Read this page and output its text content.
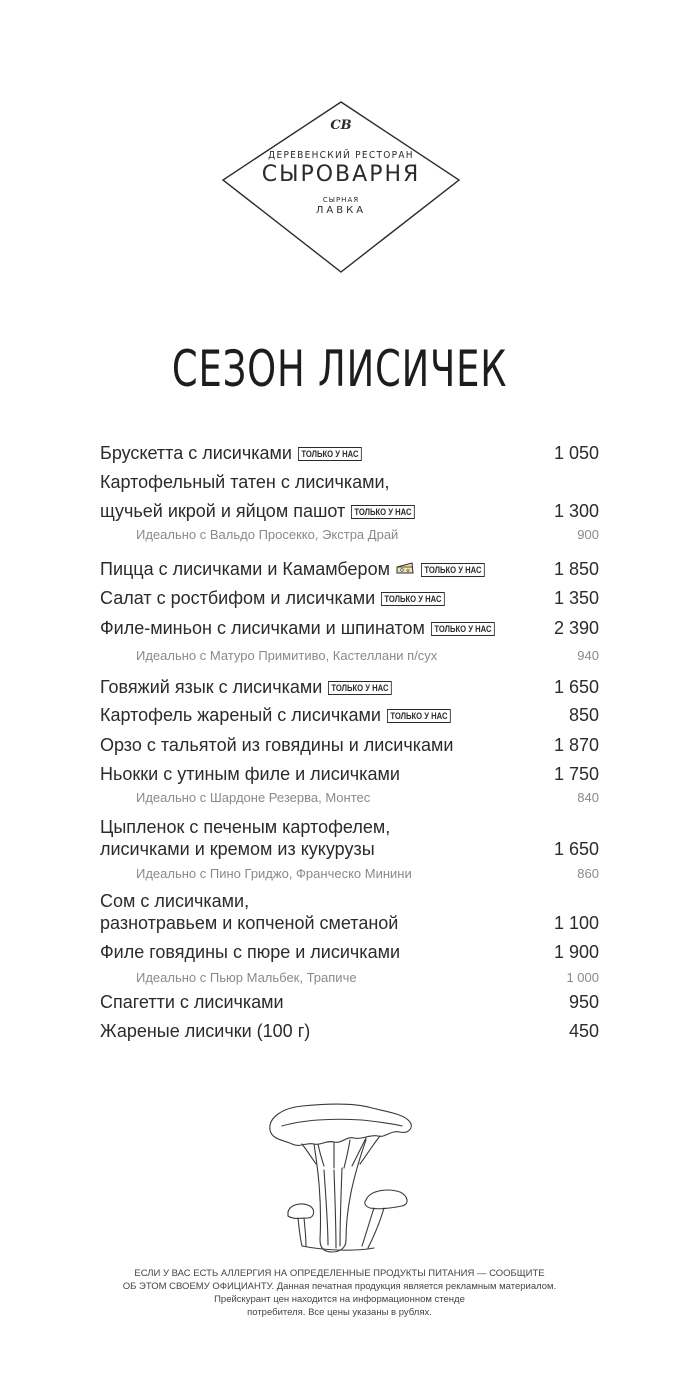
СВ
ДЕРЕВЕНСКИЙ РЕСТОРАН
СЫРОВАРНЯ
СЫРНАЯ
ЛАВКА
СЕЗОН ЛИСИЧЕК
Брускетта с лисичками ТОЛЬКО У НАС	1 050
Картофельный татен с лисичками,
щучьей икрой и яйцом пашот ТОЛЬКО У НАС	1 300
Идеально с Вальдо Просекко, Экстра Драй	900
Пицца с лисичками и Камамбером	ТОЛЬКО У НАС	1 850
Салат с ростбифом и лисичками ТОЛЬКО У НАС	1 350
Филе-миньон с лисичками и шпинатом ТОЛЬКО У НАС	2 390
Идеально с Матуро Примитиво, Кастеллани п/сух	940
Говяжий язык с лисичками ТОЛЬКО У НАС	1 650
Картофель жареный с лисичками ТОЛЬКО У НАС	850
Орзо с тальятой из говядины и лисичками	1 870
Ньокки с утиным филе и лисичками	1 750
Идеально с Шардоне Резерва, Монтес	840
Цыпленок с печеным картофелем,
лисичками и кремом из кукурузы	1 650
Идеально с Пино Гриджо, Франческо Минини	860
Сом с лисичками,
разнотравьем и копченой сметаной	1 100
Филе говядины с пюре и лисичками	1 900
Идеально с Пьюр Мальбек, Трапиче	1 000
Спагетти с лисичками	950
Жареные лисички (100 г)	450
ЕСЛИ У ВАС ЕСТЬ АЛЛЕРГИЯ НА ОПРЕДЕЛЕННЫЕ ПРОДУКТЫ ПИТАНИЯ — СООБЩИТЕ
ОБ ЭТОМ СВОЕМУ ОФИЦИАНТУ. Данная печатная продукция является рекламным материалом.
Прейскурант цен находится на информационном стенде
потребителя. Все цены указаны в рублях.
